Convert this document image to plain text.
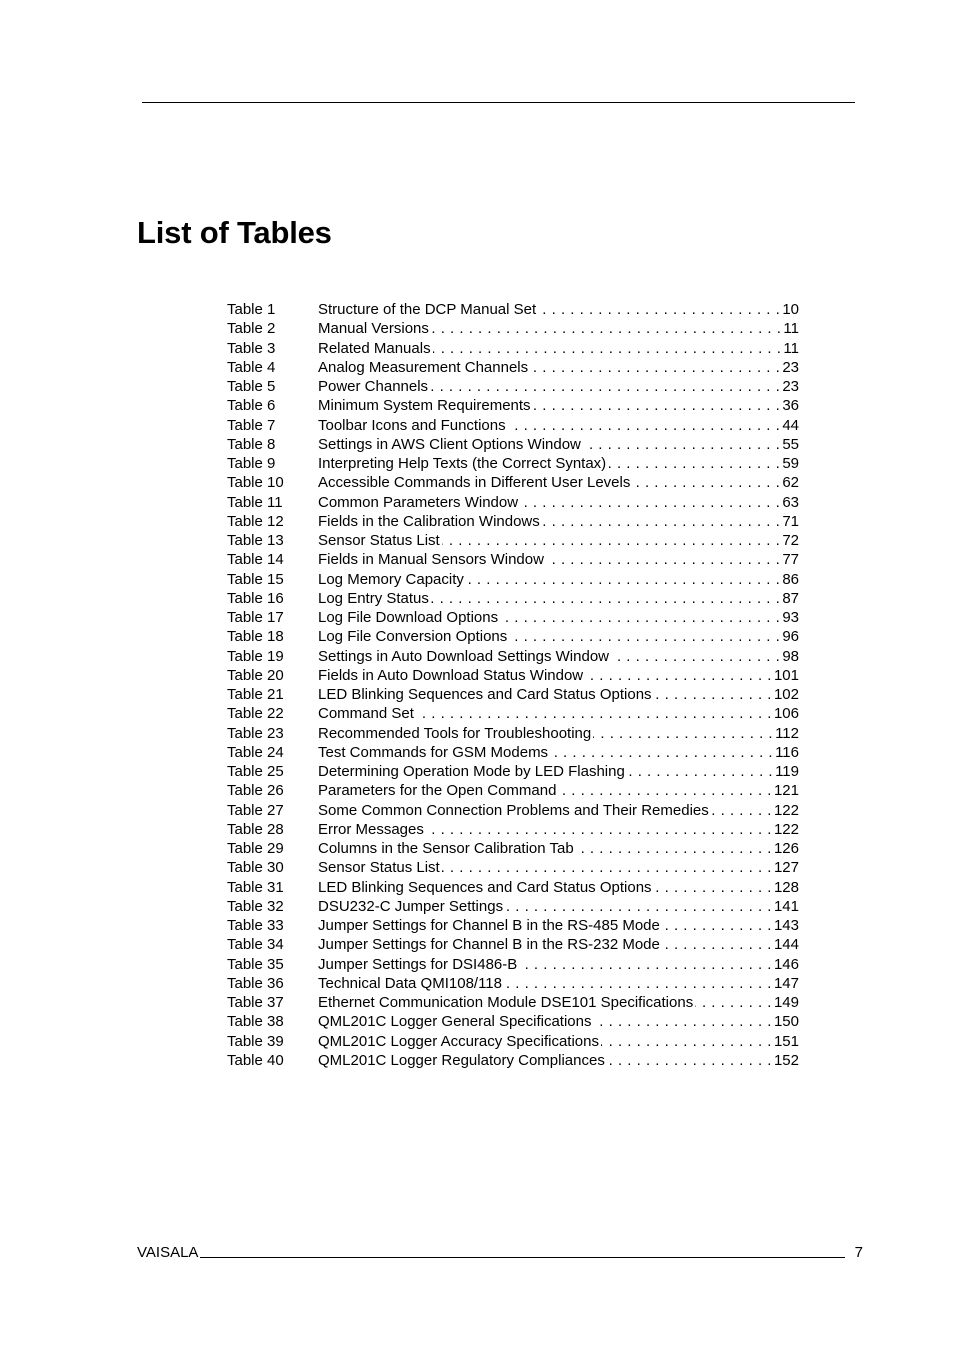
List of Tables
Table 1	Structure of the DCP Manual Set . . .	10
Table 2	Manual Versions . . .	11
Table 3	Related Manuals . . .	11
Table 4	Analog Measurement Channels . . .	23
Table 5	Power Channels . . .	23
Table 6	Minimum System Requirements . . .	36
Table 7	Toolbar Icons and Functions . . .	44
Table 8	Settings in AWS Client Options Window . . .	55
Table 9	Interpreting Help Texts (the Correct Syntax) . . .	59
Table 10	Accessible Commands in Different User Levels . . .	62
Table 11	Common Parameters Window . . .	63
Table 12	Fields in the Calibration Windows . . .	71
Table 13	Sensor Status List . . .	72
Table 14	Fields in Manual Sensors Window . . .	77
Table 15	Log Memory Capacity . . .	86
Table 16	Log Entry Status . . .	87
Table 17	Log File Download Options . . .	93
Table 18	Log File Conversion Options . . .	96
Table 19	Settings in Auto Download Settings Window . . .	98
Table 20	Fields in Auto Download Status Window . . .	101
Table 21	LED Blinking Sequences and Card Status Options . . .	102
Table 22	Command Set . . .	106
Table 23	Recommended Tools for Troubleshooting . . .	112
Table 24	Test Commands for GSM Modems . . .	116
Table 25	Determining Operation Mode by LED Flashing . . .	119
Table 26	Parameters for the Open Command . . .	121
Table 27	Some Common Connection Problems and Their Remedies . . .	122
Table 28	Error Messages . . .	122
Table 29	Columns in the Sensor Calibration Tab . . .	126
Table 30	Sensor Status List . . .	127
Table 31	LED Blinking Sequences and Card Status Options . . .	128
Table 32	DSU232-C Jumper Settings . . .	141
Table 33	Jumper Settings for Channel B in the RS-485 Mode . . .	143
Table 34	Jumper Settings for Channel B in the RS-232 Mode . . .	144
Table 35	Jumper Settings for DSI486-B . . .	146
Table 36	Technical Data QMI108/118 . . .	147
Table 37	Ethernet Communication Module DSE101 Specifications . . .	149
Table 38	QML201C Logger General Specifications . . .	150
Table 39	QML201C Logger Accuracy Specifications . . .	151
Table 40	QML201C Logger Regulatory Compliances . . .	152
VAISALA	7
